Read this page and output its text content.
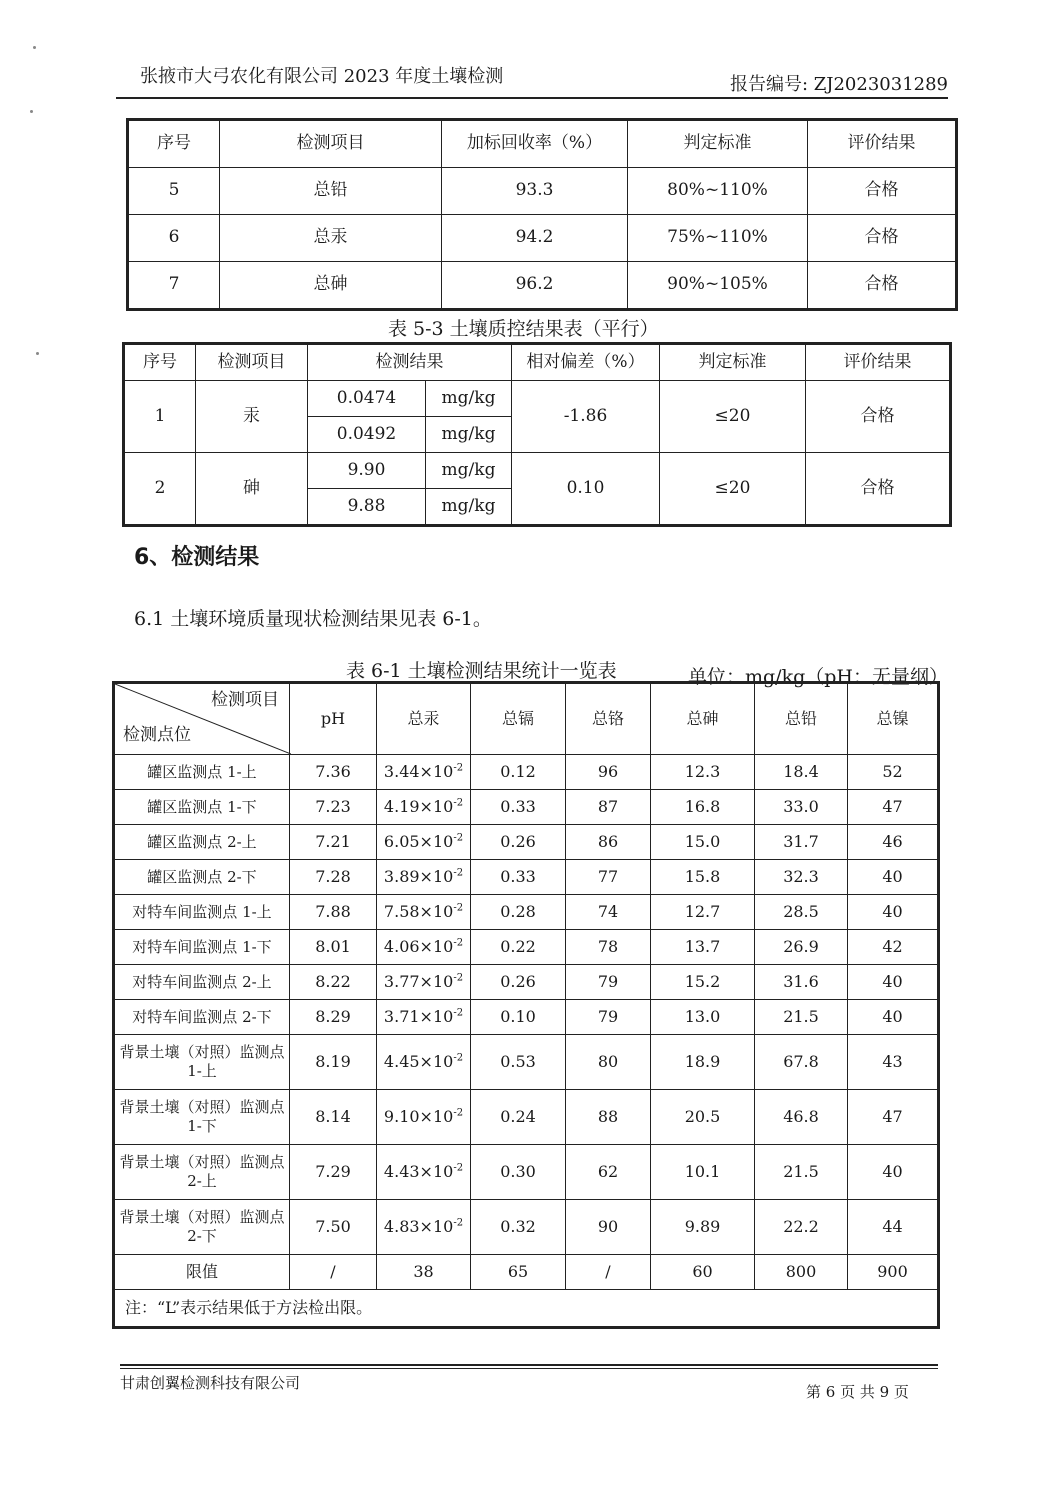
张掖市大弓农化有限公司 2023 年度土壤检测	报告编号: ZJ2023031289
序号	检测项目	加标回收率（%）	判定标准	评价结果
5	总铅	93.3	80%~110%	合格
6	总汞	94.2	75%~110%	合格
7	总砷	96.2	90%~105%	合格
表 5-3 土壤质控结果表（平行）
序号	检测项目	检测结果		相对偏差（%）	判定标准	评价结果
1	汞	0.0474	mg/kg	-1.86	≤20	合格
		0.0492	mg/kg			
2	砷	9.90	mg/kg	0.10	≤20	合格
		9.88	mg/kg			
6、检测结果
6.1 土壤环境质量现状检测结果见表 6-1。
表 6-1 土壤检测结果统计一览表	单位：mg/kg（pH：无量纲）
检测项目
检测点位	pH	总汞	总镉	总铬	总砷	总铅	总镍
罐区监测点 1-上	7.36	$3.44\times 10^{-2}$	0.12	96	12.3	18.4	52
罐区监测点 1-下	7.23	$4.19\times 10^{-2}$	0.33	87	16.8	33.0	47
罐区监测点 2-上	7.21	$6.05\times 10^{-2}$	0.26	86	15.0	31.7	46
罐区监测点 2-下	7.28	$3.89\times 10^{-2}$	0.33	77	15.8	32.3	40
对特车间监测点 1-上	7.88	$7.58\times 10^{-2}$	0.28	74	12.7	28.5	40
对特车间监测点 1-下	8.01	$4.06\times 10^{-2}$	0.22	78	13.7	26.9	42
对特车间监测点 2-上	8.22	$3.77\times 10^{-2}$	0.26	79	15.2	31.6	40
对特车间监测点 2-下	8.29	$3.71\times 10^{-2}$	0.10	79	13.0	21.5	40
背景土壤（对照）监测点 1-上	8.19	$4.45\times 10^{-2}$	0.53	80	18.9	67.8	43
背景土壤（对照）监测点 1-下	8.14	$9.10\times 10^{-2}$	0.24	88	20.5	46.8	47
背景土壤（对照）监测点 2-上	7.29	$4.43\times 10^{-2}$	0.30	62	10.1	21.5	40
背景土壤（对照）监测点 2-下	7.50	$4.83\times 10^{-2}$	0.32	90	9.89	22.2	44
限值	/	38	65	/	60	800	900
注：“L”表示结果低于方法检出限。							
甘肃创翼检测科技有限公司	第 6 页 共 9 页
